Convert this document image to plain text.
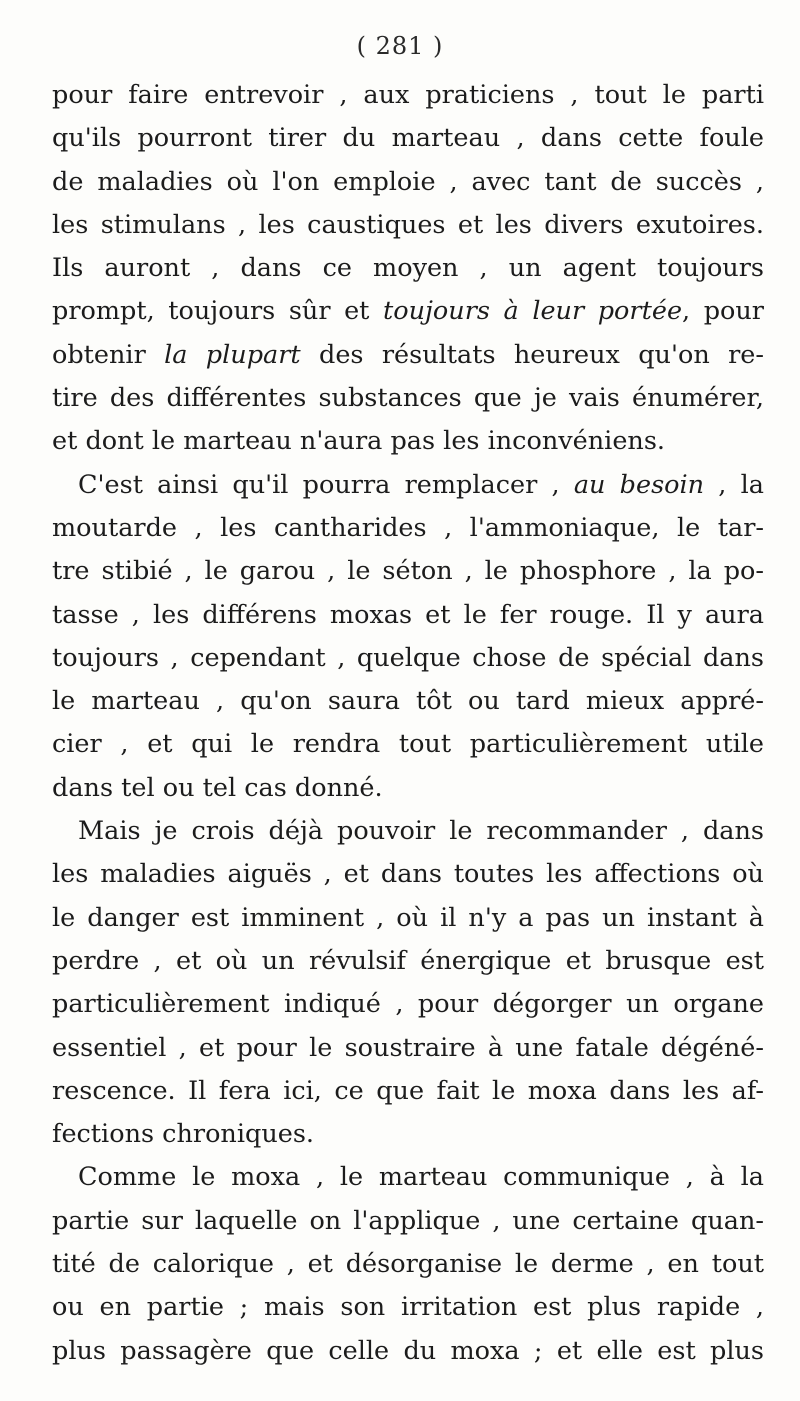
( 281 )
pour faire entrevoir , aux praticiens , tout le parti
qu'ils pourront tirer du marteau , dans cette foule
de maladies où l'on emploie , avec tant de succès ,
les stimulans , les caustiques et les divers exutoires.
Ils auront , dans ce moyen , un agent toujours
prompt, toujours sûr et toujours à leur portée, pour
obtenir la plupart des résultats heureux qu'on re-
tire des différentes substances que je vais énumérer,
et dont le marteau n'aura pas les inconvéniens.
C'est ainsi qu'il pourra remplacer , au besoin , la
moutarde , les cantharides , l'ammoniaque, le tar-
tre stibié , le garou , le séton , le phosphore , la po-
tasse , les différens moxas et le fer rouge. Il y aura
toujours , cependant , quelque chose de spécial dans
le marteau , qu'on saura tôt ou tard mieux appré-
cier , et qui le rendra tout particulièrement utile
dans tel ou tel cas donné.
Mais je crois déjà pouvoir le recommander , dans
les maladies aiguës , et dans toutes les affections où
le danger est imminent , où il n'y a pas un instant à
perdre , et où un révulsif énergique et brusque est
particulièrement indiqué , pour dégorger un organe
essentiel , et pour le soustraire à une fatale dégéné-
rescence. Il fera ici, ce que fait le moxa dans les af-
fections chroniques.
Comme le moxa , le marteau communique , à la
partie sur laquelle on l'applique , une certaine quan-
tité de calorique , et désorganise le derme , en tout
ou en partie ; mais son irritation est plus rapide ,
plus passagère que celle du moxa ; et elle est plus
